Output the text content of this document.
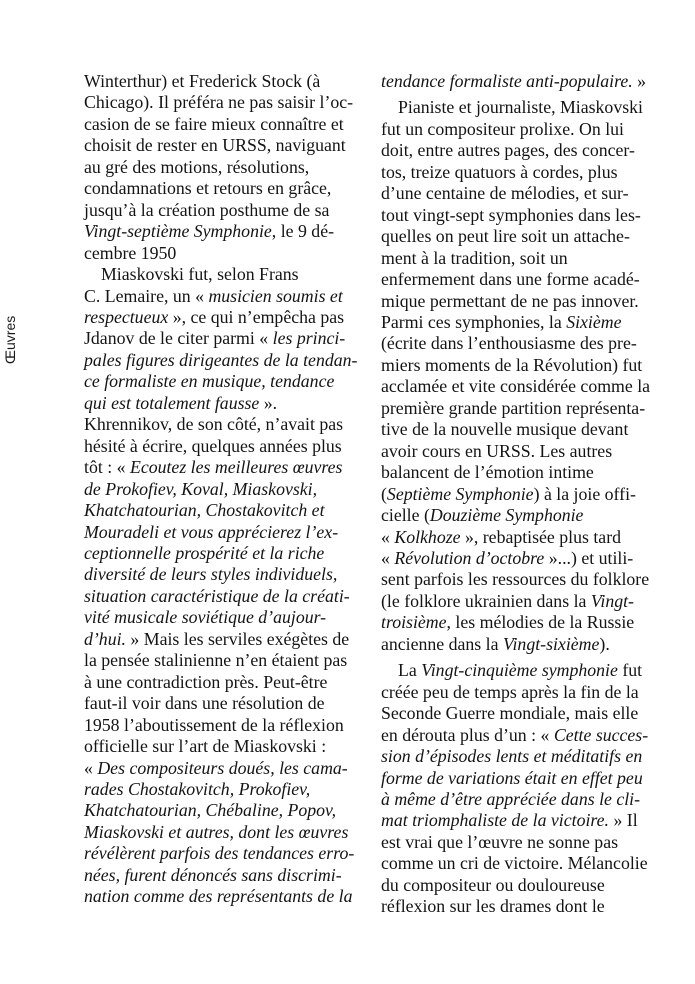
Œuvres
Winterthur) et Frederick Stock (à
Chicago). Il préféra ne pas saisir l’oc-
casion de se faire mieux connaître et
choisit de rester en URSS, naviguant
au gré des motions, résolutions,
condamnations et retours en grâce,
jusqu’à la création posthume de sa
Vingt-septième Symphonie, le 9 dé-
cembre 1950
Miaskovski fut, selon Frans
C. Lemaire, un « musicien soumis et
respectueux », ce qui n’empêcha pas
Jdanov de le citer parmi « les princi-
pales figures dirigeantes de la tendan-
ce formaliste en musique, tendance
qui est totalement fausse ».
Khrennikov, de son côté, n’avait pas
hésité à écrire, quelques années plus
tôt : « Ecoutez les meilleures œuvres
de Prokofiev, Koval, Miaskovski,
Khatchatourian, Chostakovitch et
Mouradeli et vous apprécierez l’ex-
ceptionnelle prospérité et la riche
diversité de leurs styles individuels,
situation caractéristique de la créati-
vité musicale soviétique d’aujour-
d’hui. » Mais les serviles exégètes de
la pensée stalinienne n’en étaient pas
à une contradiction près. Peut-être
faut-il voir dans une résolution de
1958 l’aboutissement de la réflexion
officielle sur l’art de Miaskovski :
« Des compositeurs doués, les cama-
rades Chostakovitch, Prokofiev,
Khatchatourian, Chébaline, Popov,
Miaskovski et autres, dont les œuvres
révélèrent parfois des tendances erro-
nées, furent dénoncés sans discrimi-
nation comme des représentants de la
tendance formaliste anti-populaire. »
Pianiste et journaliste, Miaskovski
fut un compositeur prolixe. On lui
doit, entre autres pages, des concer-
tos, treize quatuors à cordes, plus
d’une centaine de mélodies, et sur-
tout vingt-sept symphonies dans les-
quelles on peut lire soit un attache-
ment à la tradition, soit un
enfermement dans une forme acadé-
mique permettant de ne pas innover.
Parmi ces symphonies, la Sixième
(écrite dans l’enthousiasme des pre-
miers moments de la Révolution) fut
acclamée et vite considérée comme la
première grande partition représenta-
tive de la nouvelle musique devant
avoir cours en URSS. Les autres
balancent de l’émotion intime
(Septième Symphonie) à la joie offi-
cielle (Douzième Symphonie
« Kolkhoze », rebaptisée plus tard
« Révolution d’octobre »...) et utili-
sent parfois les ressources du folklore
(le folklore ukrainien dans la Vingt-
troisième, les mélodies de la Russie
ancienne dans la Vingt-sixième).
La Vingt-cinquième symphonie fut
créée peu de temps après la fin de la
Seconde Guerre mondiale, mais elle
en dérouta plus d’un : « Cette succes-
sion d’épisodes lents et méditatifs en
forme de variations était en effet peu
à même d’être appréciée dans le cli-
mat triomphaliste de la victoire. » Il
est vrai que l’œuvre ne sonne pas
comme un cri de victoire. Mélancolie
du compositeur ou douloureuse
réflexion sur les drames dont le
